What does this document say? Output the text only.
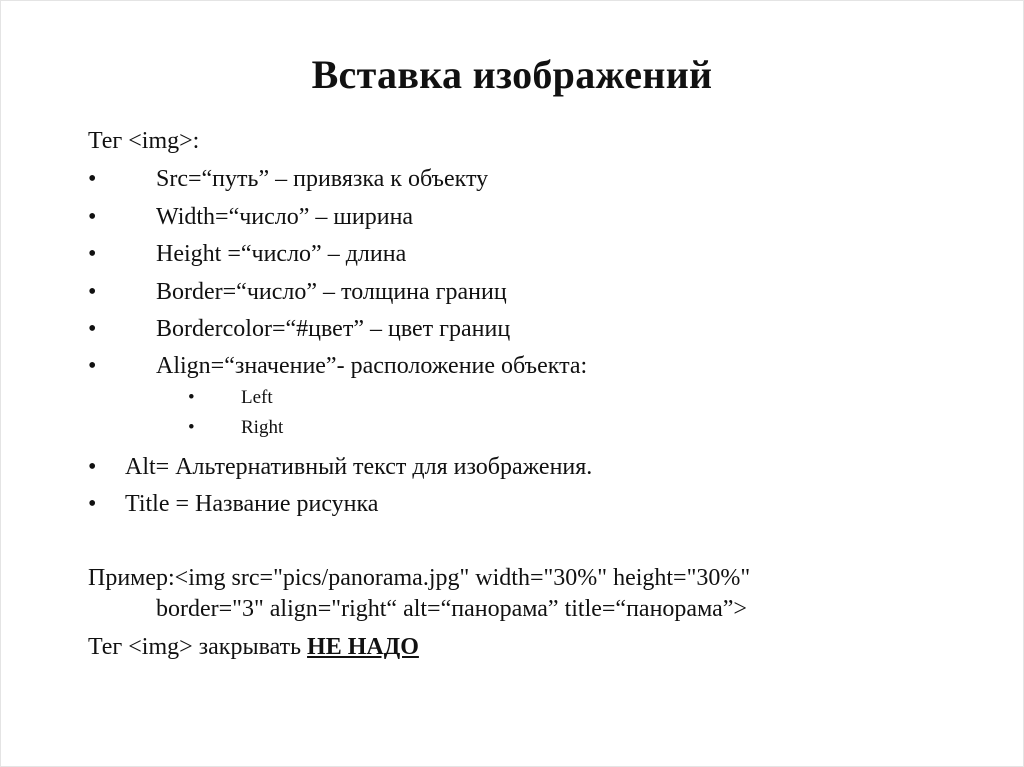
Вставка изображений
Тег <img>:
• Src=“путь” – привязка к объекту
• Width=“число” – ширина
• Height =“число” – длина
• Border=“число” – толщина границ
• Bordercolor=“#цвет” – цвет границ
• Align=“значение”- расположение объекта:
• Left
• Right
• Alt= Альтернативный текст для изображения.
• Title = Название рисунка
Пример:<img src="pics/panorama.jpg" width="30%" height="30%"
border="3" align="right“ alt=“панорама” title=“панорама”>
Тег <img> закрывать НЕ НАДО
